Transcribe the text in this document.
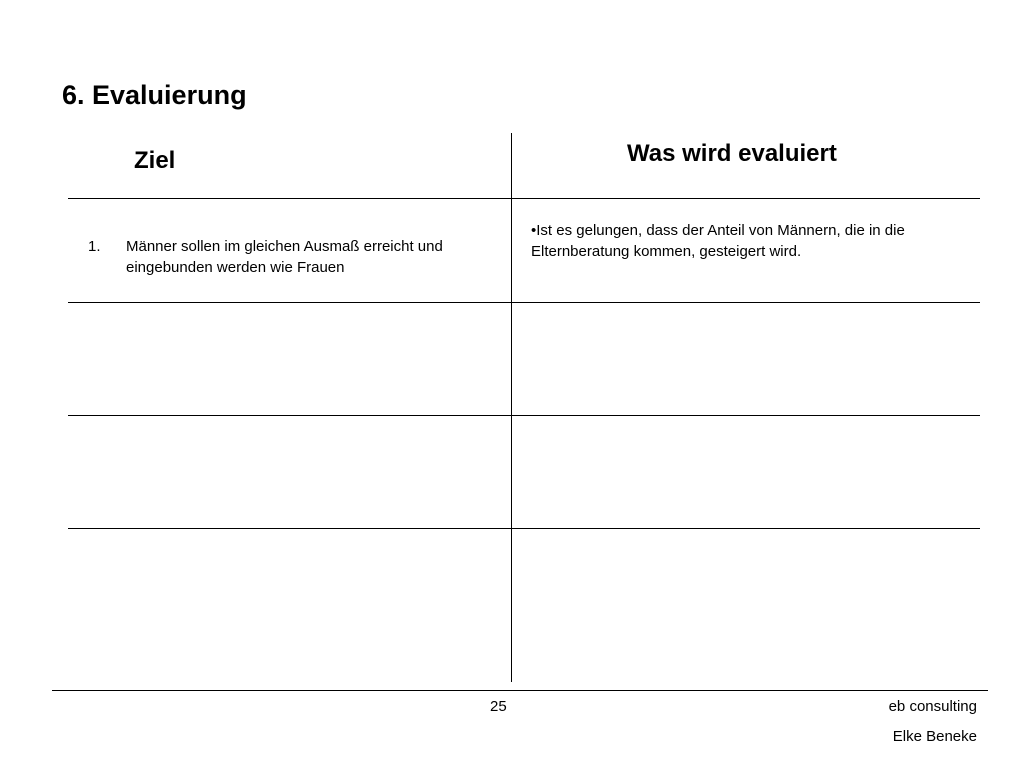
6. Evaluierung
Ziel	Was wird evaluiert
1. Männer sollen im gleichen Ausmaß erreicht und eingebunden werden wie Frauen
•Ist es gelungen, dass der Anteil von Männern, die in die Elternberatung kommen, gesteigert wird.
25	eb consulting
Elke Beneke
